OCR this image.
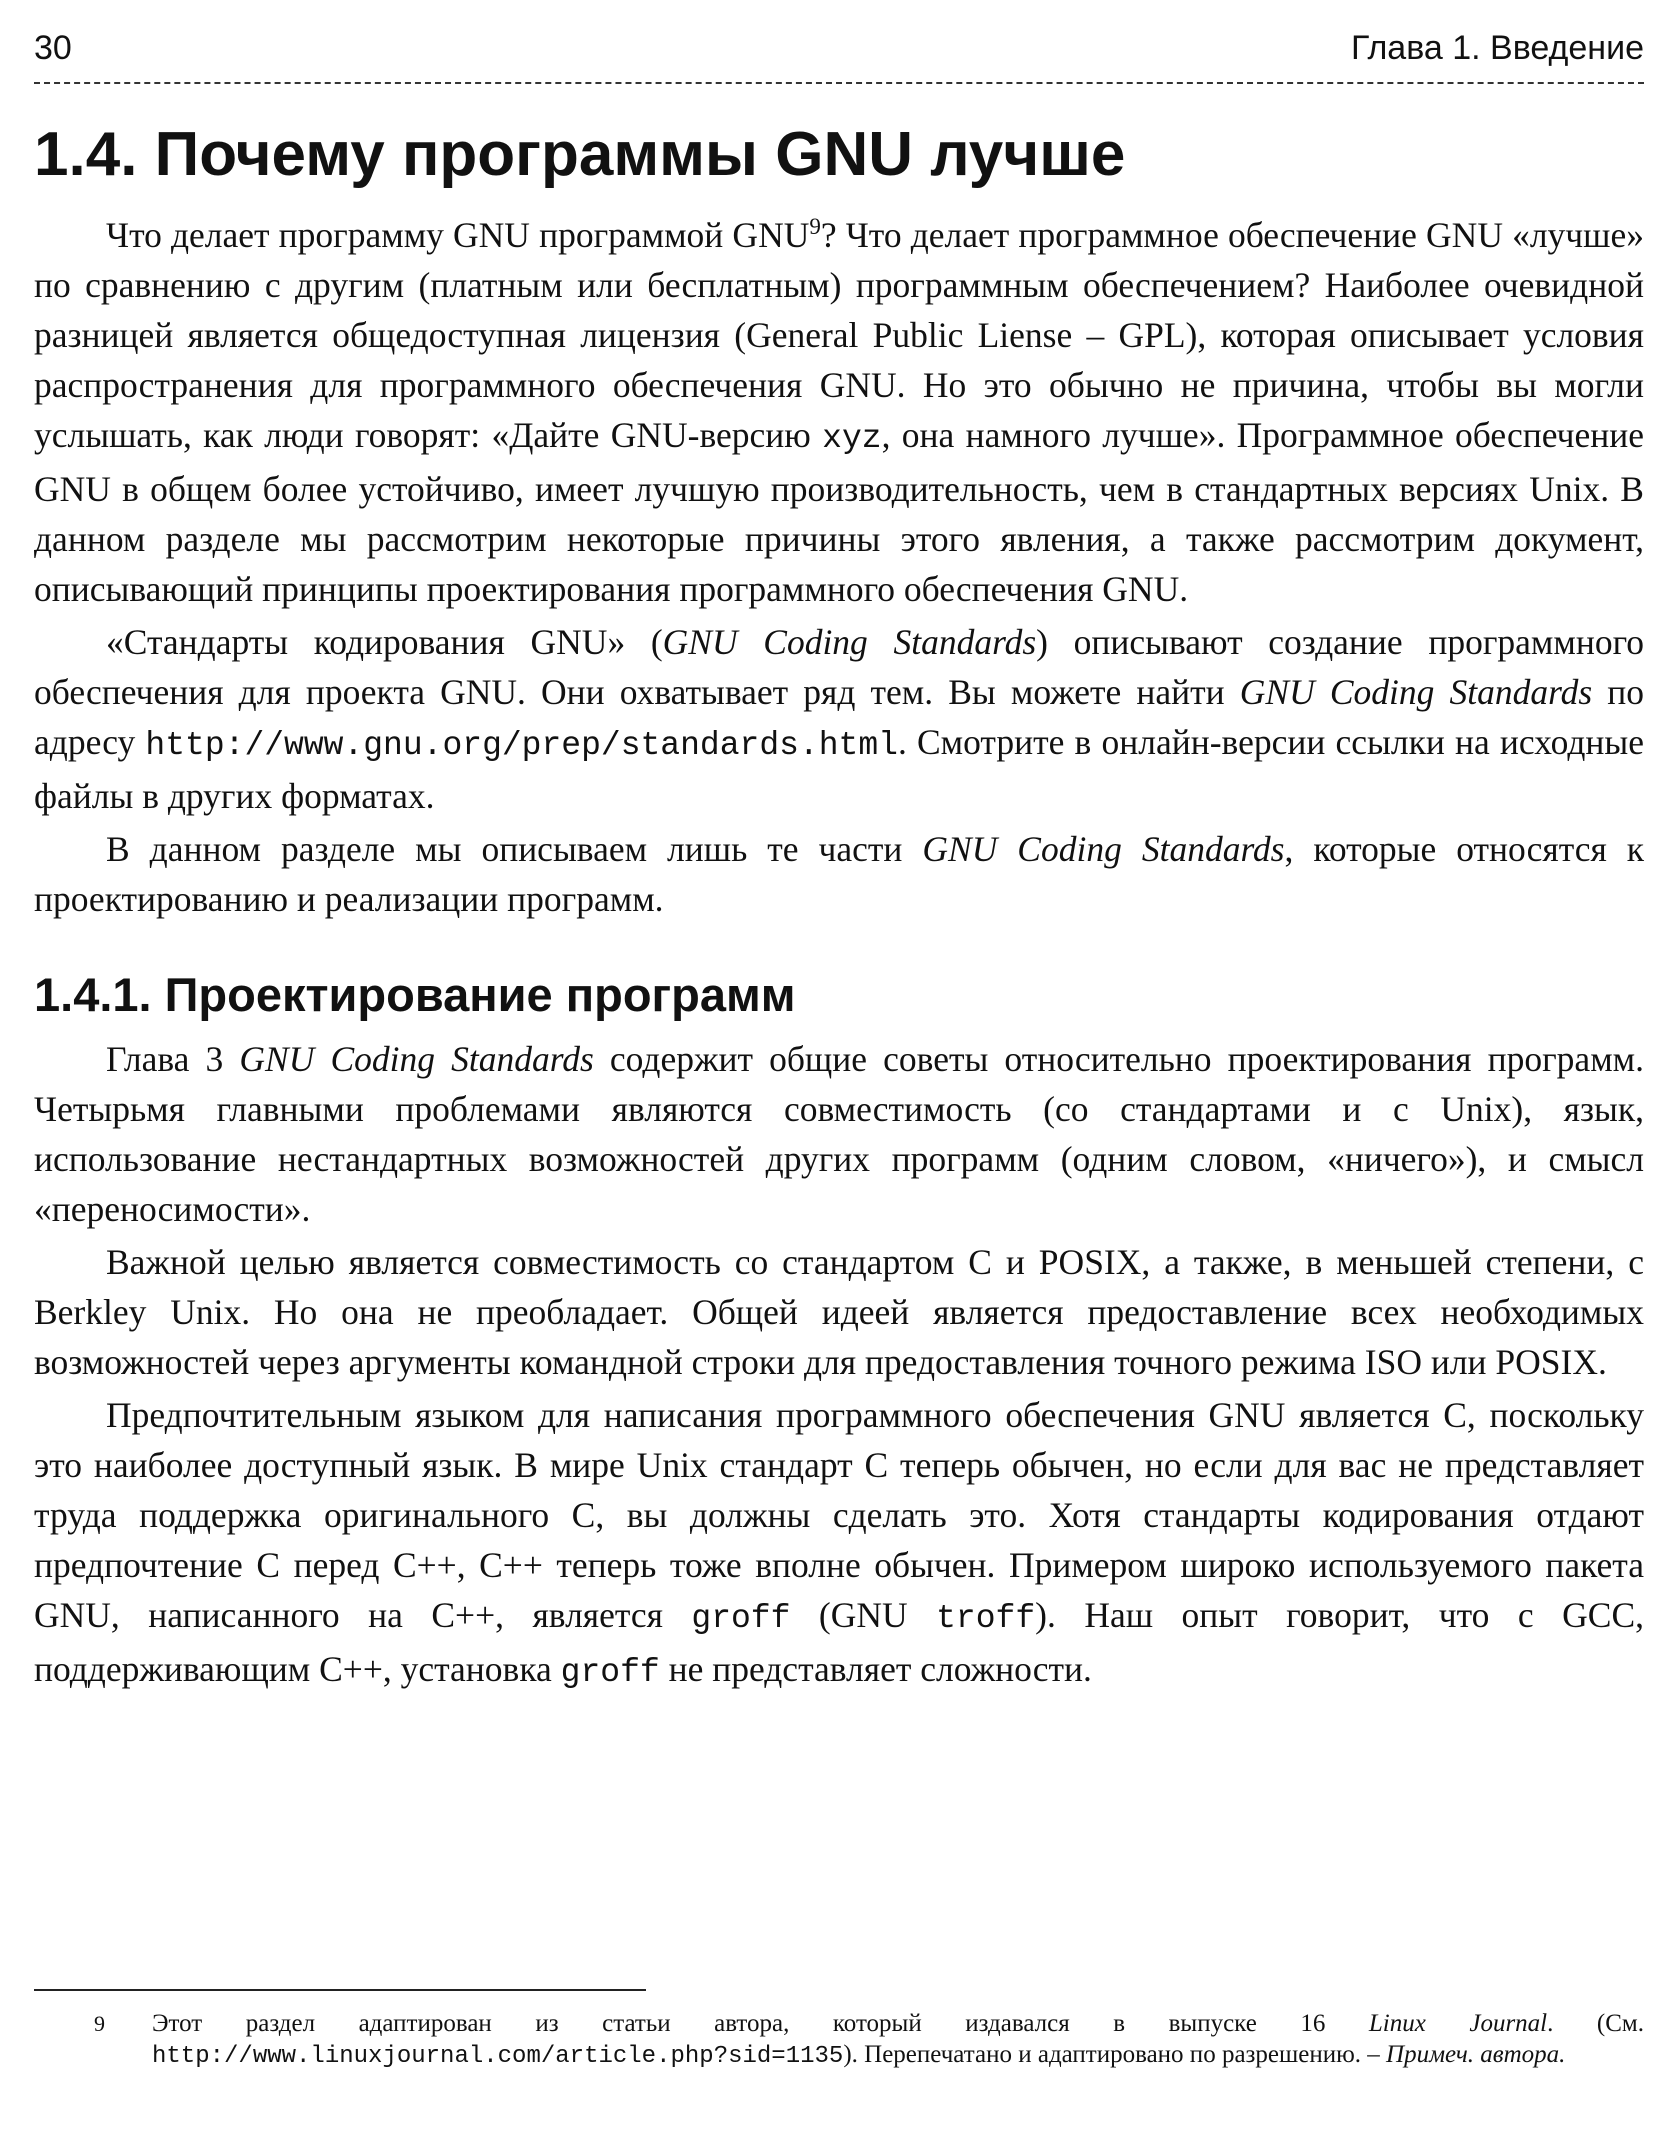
30	Глава 1. Введение
1.4. Почему программы GNU лучше

Что делает программу GNU программой GNU$^9$? Что делает программное обеспечение GNU «лучше» по сравнению с другим (платным или бесплатным) программным обеспечением? Наиболее очевидной разницей является общедоступная лицензия (General Public Liense – GPL), которая описывает условия распространения для программного обеспечения GNU. Но это обычно не причина, чтобы вы могли услышать, как люди говорят: «Дайте GNU-версию xyz, она намного лучше». Программное обеспечение GNU в общем более устойчиво, имеет лучшую производительность, чем в стандартных версиях Unix. В данном разделе мы рассмотрим некоторые причины этого явления, а также рассмотрим документ, описывающий принципы проектирования программного обеспечения GNU.

«Стандарты кодирования GNU» (GNU Coding Standards) описывают создание программного обеспечения для проекта GNU. Они охватывает ряд тем. Вы можете найти GNU Coding Standards по адресу http://www.gnu.org/prep/standards.html. Смотрите в онлайн-версии ссылки на исходные файлы в других форматах.

В данном разделе мы описываем лишь те части GNU Coding Standards, которые относятся к проектированию и реализации программ.

1.4.1. Проектирование программ

Глава 3 GNU Coding Standards содержит общие советы относительно проектирования программ. Четырьмя главными проблемами являются совместимость (со стандартами и с Unix), язык, использование нестандартных возможностей других программ (одним словом, «ничего»), и смысл «переносимости».

Важной целью является совместимость со стандартом C и POSIX, а также, в меньшей степени, с Berkley Unix. Но она не преобладает. Общей идеей является предоставление всех необходимых возможностей через аргументы командной строки для предоставления точного режима ISO или POSIX.

Предпочтительным языком для написания программного обеспечения GNU является C, поскольку это наиболее доступный язык. В мире Unix стандарт C теперь обычен, но если для вас не представляет труда поддержка оригинального C, вы должны сделать это. Хотя стандарты кодирования отдают предпочтение C перед C++, C++ теперь тоже вполне обычен. Примером широко используемого пакета GNU, написанного на C++, является groff (GNU troff). Наш опыт говорит, что с GCC, поддерживающим C++, установка groff не представляет сложности.

9 Этот раздел адаптирован из статьи автора, который издавался в выпуске 16 Linux Journal. (См. http://www.linuxjournal.com/article.php?sid=1135). Перепечатано и адаптировано по разрешению. – Примеч. автора.
